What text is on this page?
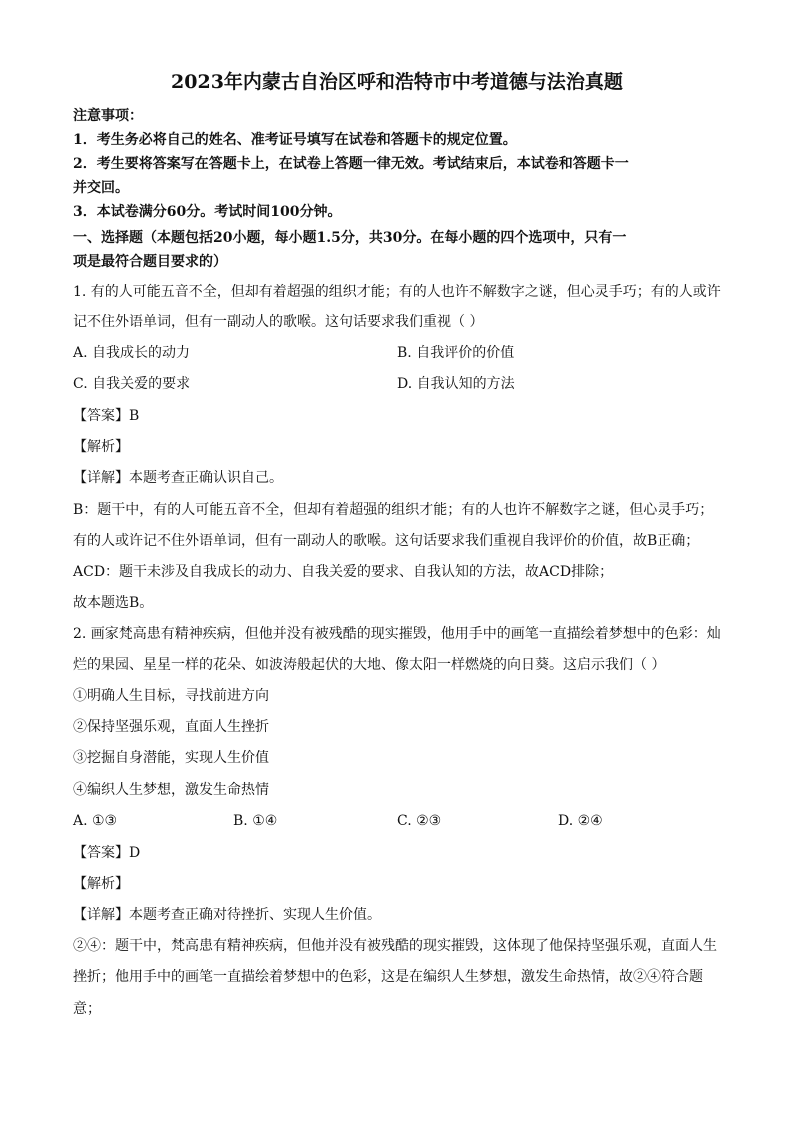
2023年内蒙古自治区呼和浩特市中考道德与法治真题
注意事项：
1．考生务必将自己的姓名、准考证号填写在试卷和答题卡的规定位置。
2．考生要将答案写在答题卡上，在试卷上答题一律无效。考试结束后，本试卷和答题卡一
并交回。
3．本试卷满分60分。考试时间100分钟。
一、选择题（本题包括20小题，每小题1.5分，共30分。在每小题的四个选项中，只有一
项是最符合题目要求的）
1. 有的人可能五音不全，但却有着超强的组织才能；有的人也许不解数字之谜，但心灵手巧；有的人或许
记不住外语单词，但有一副动人的歌喉。这句话要求我们重视（ ）
A. 自我成长的动力	B. 自我评价的价值
C. 自我关爱的要求	D. 自我认知的方法
【答案】B
【解析】
【详解】本题考查正确认识自己。
B：题干中，有的人可能五音不全，但却有着超强的组织才能；有的人也许不解数字之谜，但心灵手巧；
有的人或许记不住外语单词，但有一副动人的歌喉。这句话要求我们重视自我评价的价值，故B正确；
ACD：题干未涉及自我成长的动力、自我关爱的要求、自我认知的方法，故ACD排除；
故本题选B。
2. 画家梵高患有精神疾病，但他并没有被残酷的现实摧毁，他用手中的画笔一直描绘着梦想中的色彩：灿
烂的果园、星星一样的花朵、如波涛般起伏的大地、像太阳一样燃烧的向日葵。这启示我们（ ）
①明确人生目标，寻找前进方向
②保持坚强乐观，直面人生挫折
③挖掘自身潜能，实现人生价值
④编织人生梦想，激发生命热情
A. ①③	B. ①④	C. ②③	D. ②④
【答案】D
【解析】
【详解】本题考查正确对待挫折、实现人生价值。
②④：题干中，梵高患有精神疾病，但他并没有被残酷的现实摧毁，这体现了他保持坚强乐观，直面人生
挫折；他用手中的画笔一直描绘着梦想中的色彩，这是在编织人生梦想，激发生命热情，故②④符合题
意；
